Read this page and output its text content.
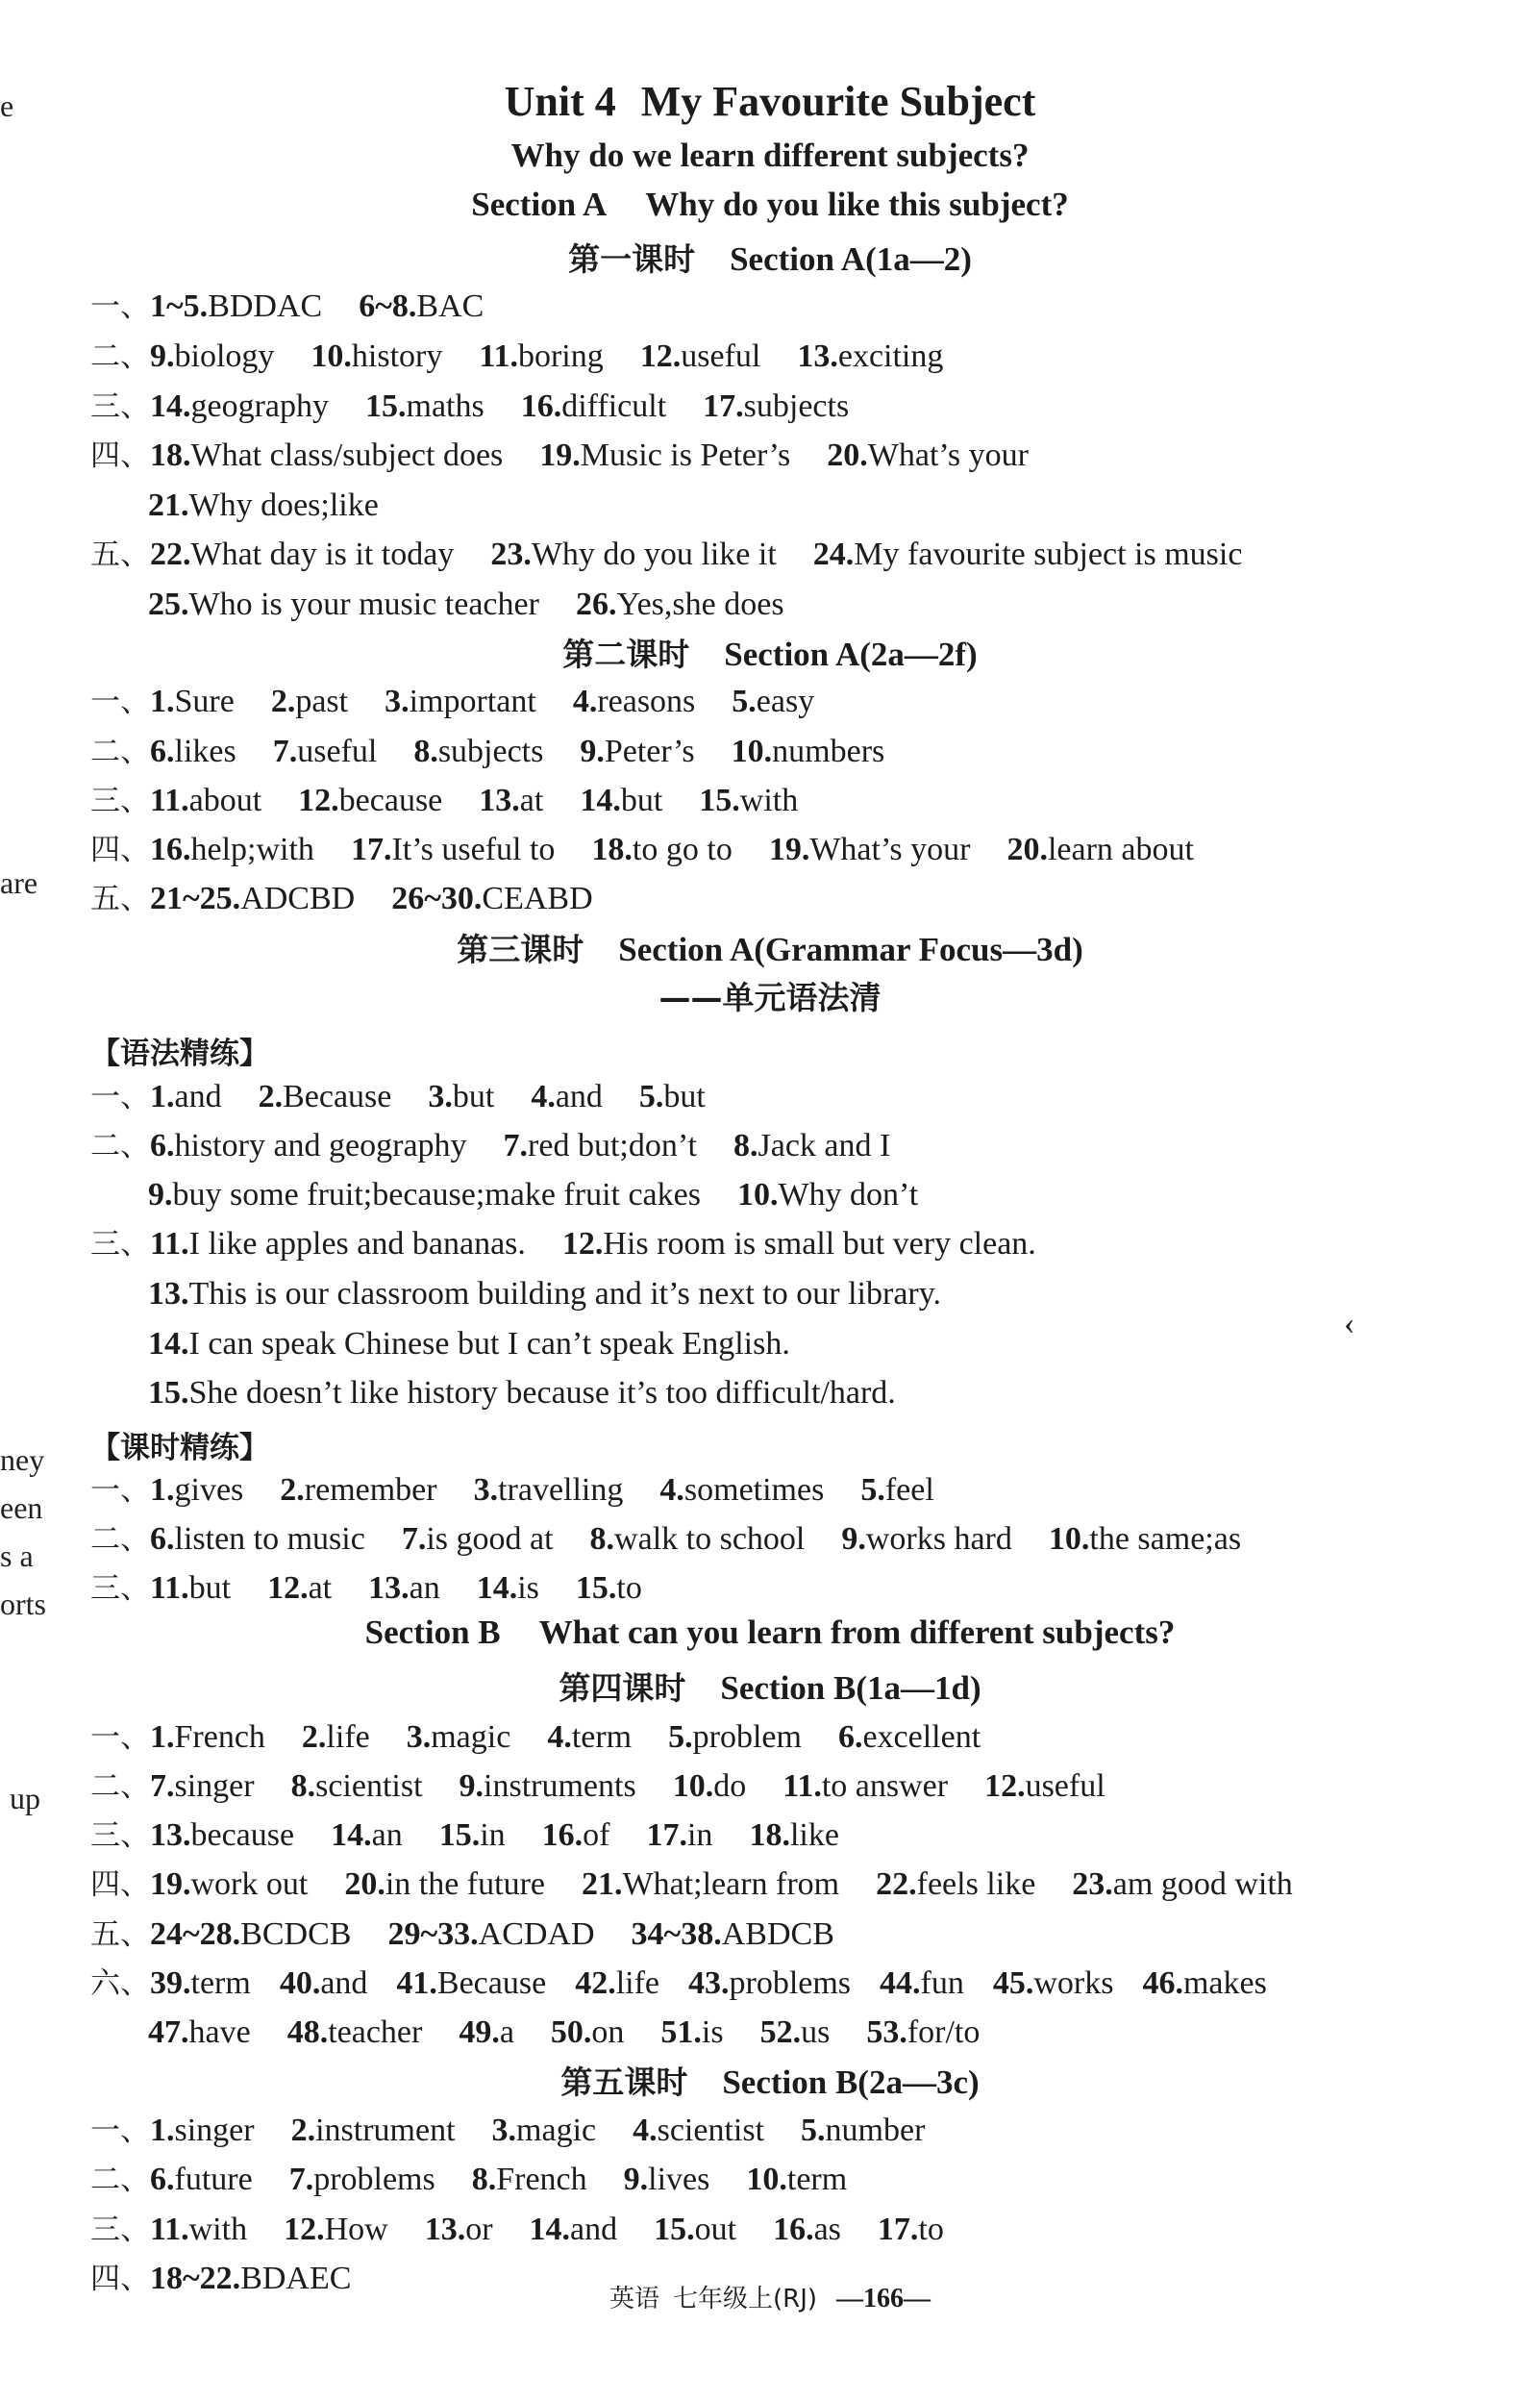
Unit 4 My Favourite Subject
Why do we learn different subjects?
Section A Why do you like this subject?
第一课时 Section A(1a—2)
一、1~5.BDDAC 6~8.BAC
二、9.biology 10.history 11.boring 12.useful 13.exciting
三、14.geography 15.maths 16.difficult 17.subjects
四、18.What class/subject does 19.Music is Peter’s 20.What’s your
21.Why does;like
五、22.What day is it today 23.Why do you like it 24.My favourite subject is music
25.Who is your music teacher 26.Yes,she does
第二课时 Section A(2a—2f)
一、1.Sure 2.past 3.important 4.reasons 5.easy
二、6.likes 7.useful 8.subjects 9.Peter’s 10.numbers
三、11.about 12.because 13.at 14.but 15.with
四、16.help;with 17.It’s useful to 18.to go to 19.What’s your 20.learn about
五、21~25.ADCBD 26~30.CEABD
第三课时 Section A(Grammar Focus—3d)
——单元语法清
【语法精练】
一、1.and 2.Because 3.but 4.and 5.but
二、6.history and geography 7.red but;don’t 8.Jack and I
9.buy some fruit;because;make fruit cakes 10.Why don’t
三、11.I like apples and bananas. 12.His room is small but very clean.
13.This is our classroom building and it’s next to our library.
14.I can speak Chinese but I can’t speak English.
15.She doesn’t like history because it’s too difficult/hard.
【课时精练】
一、1.gives 2.remember 3.travelling 4.sometimes 5.feel
二、6.listen to music 7.is good at 8.walk to school 9.works hard 10.the same;as
三、11.but 12.at 13.an 14.is 15.to
Section B What can you learn from different subjects?
第四课时 Section B(1a—1d)
一、1.French 2.life 3.magic 4.term 5.problem 6.excellent
二、7.singer 8.scientist 9.instruments 10.do 11.to answer 12.useful
三、13.because 14.an 15.in 16.of 17.in 18.like
四、19.work out 20.in the future 21.What;learn from 22.feels like 23.am good with
五、24~28.BCDCB 29~33.ACDAD 34~38.ABDCB
六、39.term 40.and 41.Because 42.life 43.problems 44.fun 45.works 46.makes
47.have 48.teacher 49.a 50.on 51.is 52.us 53.for/to
第五课时 Section B(2a—3c)
一、1.singer 2.instrument 3.magic 4.scientist 5.number
二、6.future 7.problems 8.French 9.lives 10.term
三、11.with 12.How 13.or 14.and 15.out 16.as 17.to
四、18~22.BDAEC
e
are
ney
een
s a
orts
up
‹
英语 七年级上(RJ) —166—
